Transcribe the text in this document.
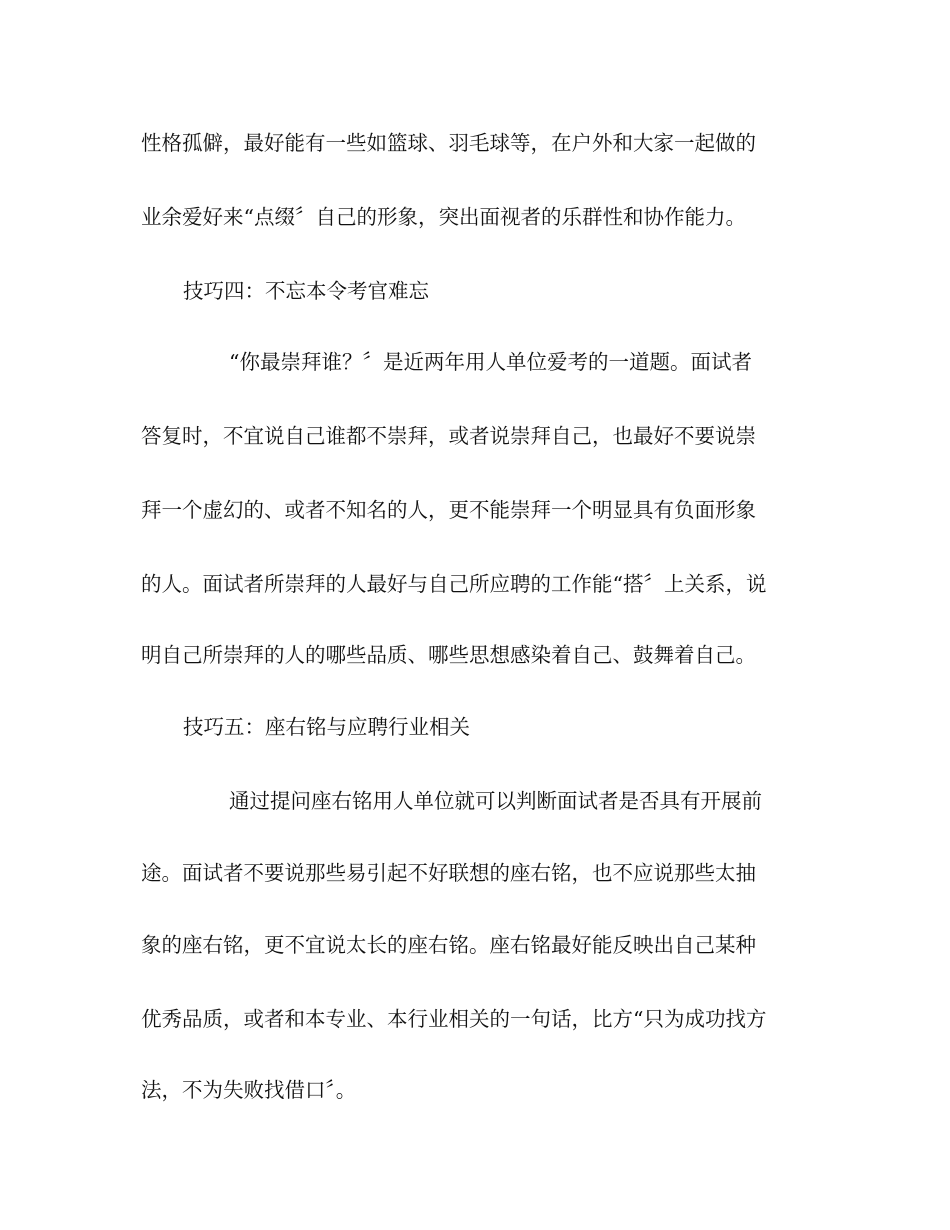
性格孤僻，最好能有一些如篮球、羽毛球等，在户外和大家一起做的

业余爱好来“点缀〞自己的形象，突出面视者的乐群性和协作能力。

技巧四：不忘本令考官难忘

“你最崇拜谁？〞是近两年用人单位爱考的一道题。面试者

答复时，不宜说自己谁都不崇拜，或者说崇拜自己，也最好不要说崇

拜一个虚幻的、或者不知名的人，更不能崇拜一个明显具有负面形象

的人。面试者所崇拜的人最好与自己所应聘的工作能“搭〞上关系，说

明自己所崇拜的人的哪些品质、哪些思想感染着自己、鼓舞着自己。

技巧五：座右铭与应聘行业相关

通过提问座右铭用人单位就可以判断面试者是否具有开展前

途。面试者不要说那些易引起不好联想的座右铭，也不应说那些太抽

象的座右铭，更不宜说太长的座右铭。座右铭最好能反映出自己某种

优秀品质，或者和本专业、本行业相关的一句话，比方“只为成功找方

法，不为失败找借口〞。
